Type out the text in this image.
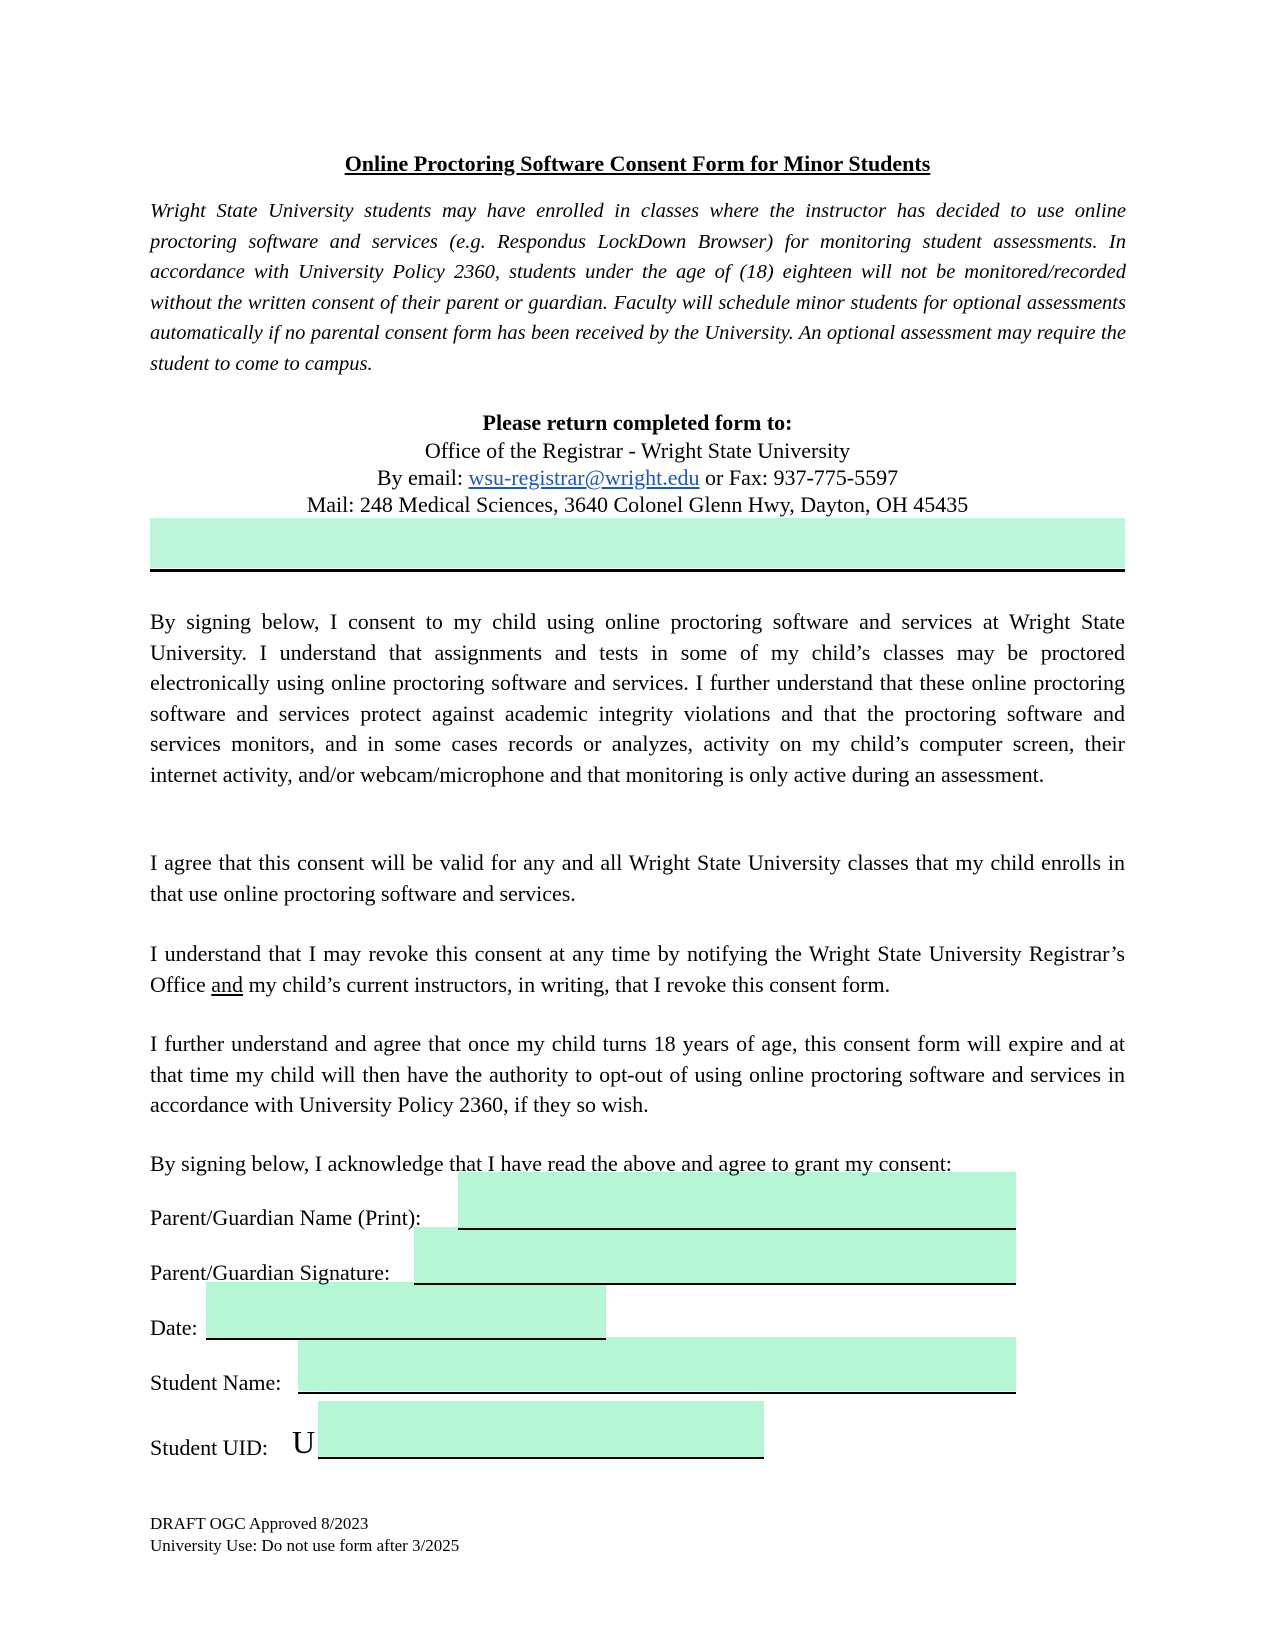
Online Proctoring Software Consent Form for Minor Students
Wright State University students may have enrolled in classes where the instructor has decided to use online proctoring software and services (e.g. Respondus LockDown Browser) for monitoring student assessments. In accordance with University Policy 2360, students under the age of (18) eighteen will not be monitored/recorded without the written consent of their parent or guardian. Faculty will schedule minor students for optional assessments automatically if no parental consent form has been received by the University. An optional assessment may require the student to come to campus.
Please return completed form to:
Office of the Registrar - Wright State University
By email: wsu-registrar@wright.edu or Fax: 937-775-5597
Mail: 248 Medical Sciences, 3640 Colonel Glenn Hwy, Dayton, OH 45435
By signing below, I consent to my child using online proctoring software and services at Wright State University. I understand that assignments and tests in some of my child’s classes may be proctored electronically using online proctoring software and services. I further understand that these online proctoring software and services protect against academic integrity violations and that the proctoring software and services monitors, and in some cases records or analyzes, activity on my child’s computer screen, their internet activity, and/or webcam/microphone and that monitoring is only active during an assessment.
I agree that this consent will be valid for any and all Wright State University classes that my child enrolls in that use online proctoring software and services.
I understand that I may revoke this consent at any time by notifying the Wright State University Registrar’s Office and my child’s current instructors, in writing, that I revoke this consent form.
I further understand and agree that once my child turns 18 years of age, this consent form will expire and at that time my child will then have the authority to opt-out of using online proctoring software and services in accordance with University Policy 2360, if they so wish.
By signing below, I acknowledge that I have read the above and agree to grant my consent:
Parent/Guardian Name (Print):
Parent/Guardian Signature:
Date:
Student Name:
Student UID: U
DRAFT OGC Approved 8/2023
University Use: Do not use form after 3/2025
